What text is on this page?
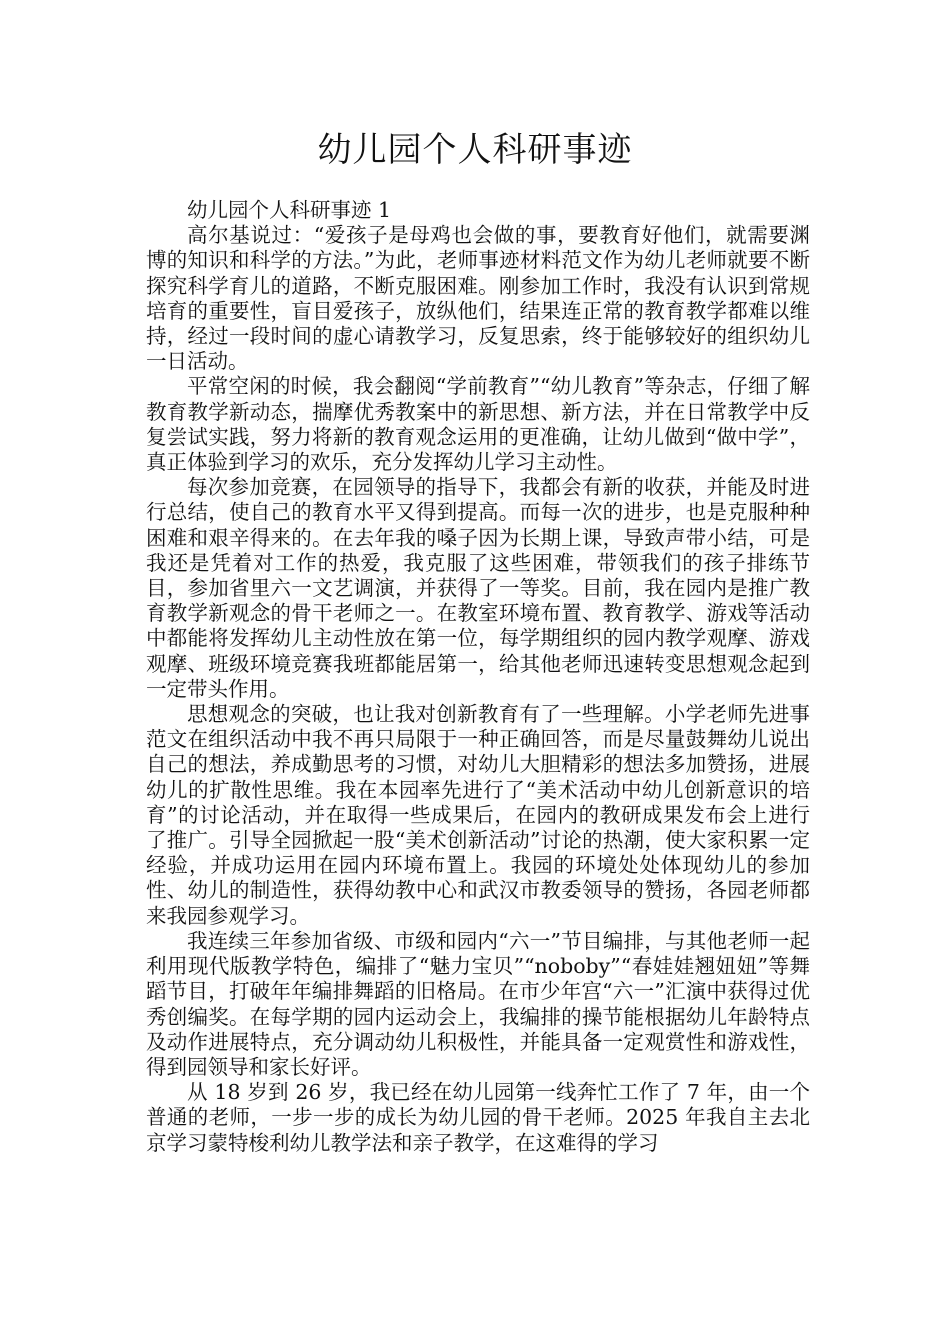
幼儿园个人科研事迹

幼儿园个人科研事迹 1

高尔基说过：“爱孩子是母鸡也会做的事，要教育好他们，就需要渊博的知识和科学的方法。”为此，老师事迹材料范文作为幼儿老师就要不断探究科学育儿的道路，不断克服困难。刚参加工作时，我没有认识到常规培育的重要性，盲目爱孩子，放纵他们，结果连正常的教育教学都难以维持，经过一段时间的虚心请教学习，反复思索，终于能够较好的组织幼儿一日活动。

平常空闲的时候，我会翻阅“学前教育”“幼儿教育”等杂志，仔细了解教育教学新动态，揣摩优秀教案中的新思想、新方法，并在日常教学中反复尝试实践，努力将新的教育观念运用的更准确，让幼儿做到“做中学”，真正体验到学习的欢乐，充分发挥幼儿学习主动性。

每次参加竞赛，在园领导的指导下，我都会有新的收获，并能及时进行总结，使自己的教育水平又得到提高。而每一次的进步，也是克服种种困难和艰辛得来的。在去年我的嗓子因为长期上课，导致声带小结，可是我还是凭着对工作的热爱，我克服了这些困难，带领我们的孩子排练节目，参加省里六一文艺调演，并获得了一等奖。目前，我在园内是推广教育教学新观念的骨干老师之一。在教室环境布置、教育教学、游戏等活动中都能将发挥幼儿主动性放在第一位，每学期组织的园内教学观摩、游戏观摩、班级环境竞赛我班都能居第一，给其他老师迅速转变思想观念起到一定带头作用。

思想观念的突破，也让我对创新教育有了一些理解。小学老师先进事范文在组织活动中我不再只局限于一种正确回答，而是尽量鼓舞幼儿说出自己的想法，养成勤思考的习惯，对幼儿大胆精彩的想法多加赞扬，进展幼儿的扩散性思维。我在本园率先进行了“美术活动中幼儿创新意识的培育”的讨论活动，并在取得一些成果后，在园内的教研成果发布会上进行了推广。引导全园掀起一股“美术创新活动”讨论的热潮，使大家积累一定经验，并成功运用在园内环境布置上。我园的环境处处体现幼儿的参加性、幼儿的制造性，获得幼教中心和武汉市教委领导的赞扬，各园老师都来我园参观学习。

我连续三年参加省级、市级和园内“六一”节目编排，与其他老师一起利用现代版教学特色，编排了“魅力宝贝”“noboby”“春娃娃翘妞妞”等舞蹈节目，打破年年编排舞蹈的旧格局。在市少年宫“六一”汇演中获得过优秀创编奖。在每学期的园内运动会上，我编排的操节能根据幼儿年龄特点及动作进展特点，充分调动幼儿积极性，并能具备一定观赏性和游戏性，得到园领导和家长好评。

从 18 岁到 26 岁，我已经在幼儿园第一线奔忙工作了 7 年，由一个普通的老师，一步一步的成长为幼儿园的骨干老师。2025 年我自主去北京学习蒙特梭利幼儿教学法和亲子教学，在这难得的学习
